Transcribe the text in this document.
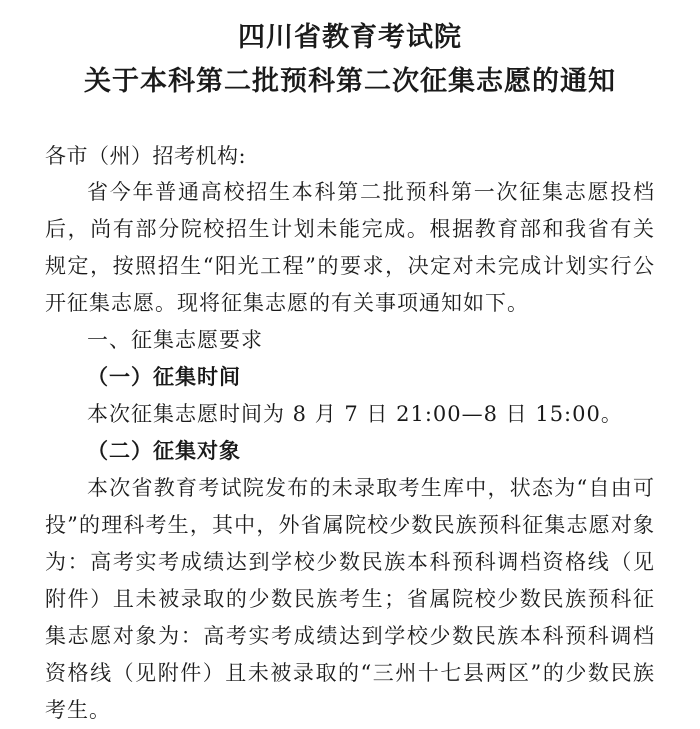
四川省教育考试院
关于本科第二批预科第二次征集志愿的通知

各市（州）招考机构:

省今年普通高校招生本科第二批预科第一次征集志愿投档后，尚有部分院校招生计划未能完成。根据教育部和我省有关规定，按照招生“阳光工程”的要求，决定对未完成计划实行公开征集志愿。现将征集志愿的有关事项通知如下。

一、征集志愿要求

（一）征集时间

本次征集志愿时间为 8 月 7 日 21:00—8 日 15:00。

（二）征集对象

本次省教育考试院发布的未录取考生库中，状态为“自由可投”的理科考生，其中，外省属院校少数民族预科征集志愿对象为：高考实考成绩达到学校少数民族本科预科调档资格线（见附件）且未被录取的少数民族考生；省属院校少数民族预科征集志愿对象为：高考实考成绩达到学校少数民族本科预科调档资格线（见附件）且未被录取的“三州十七县两区”的少数民族考生。
